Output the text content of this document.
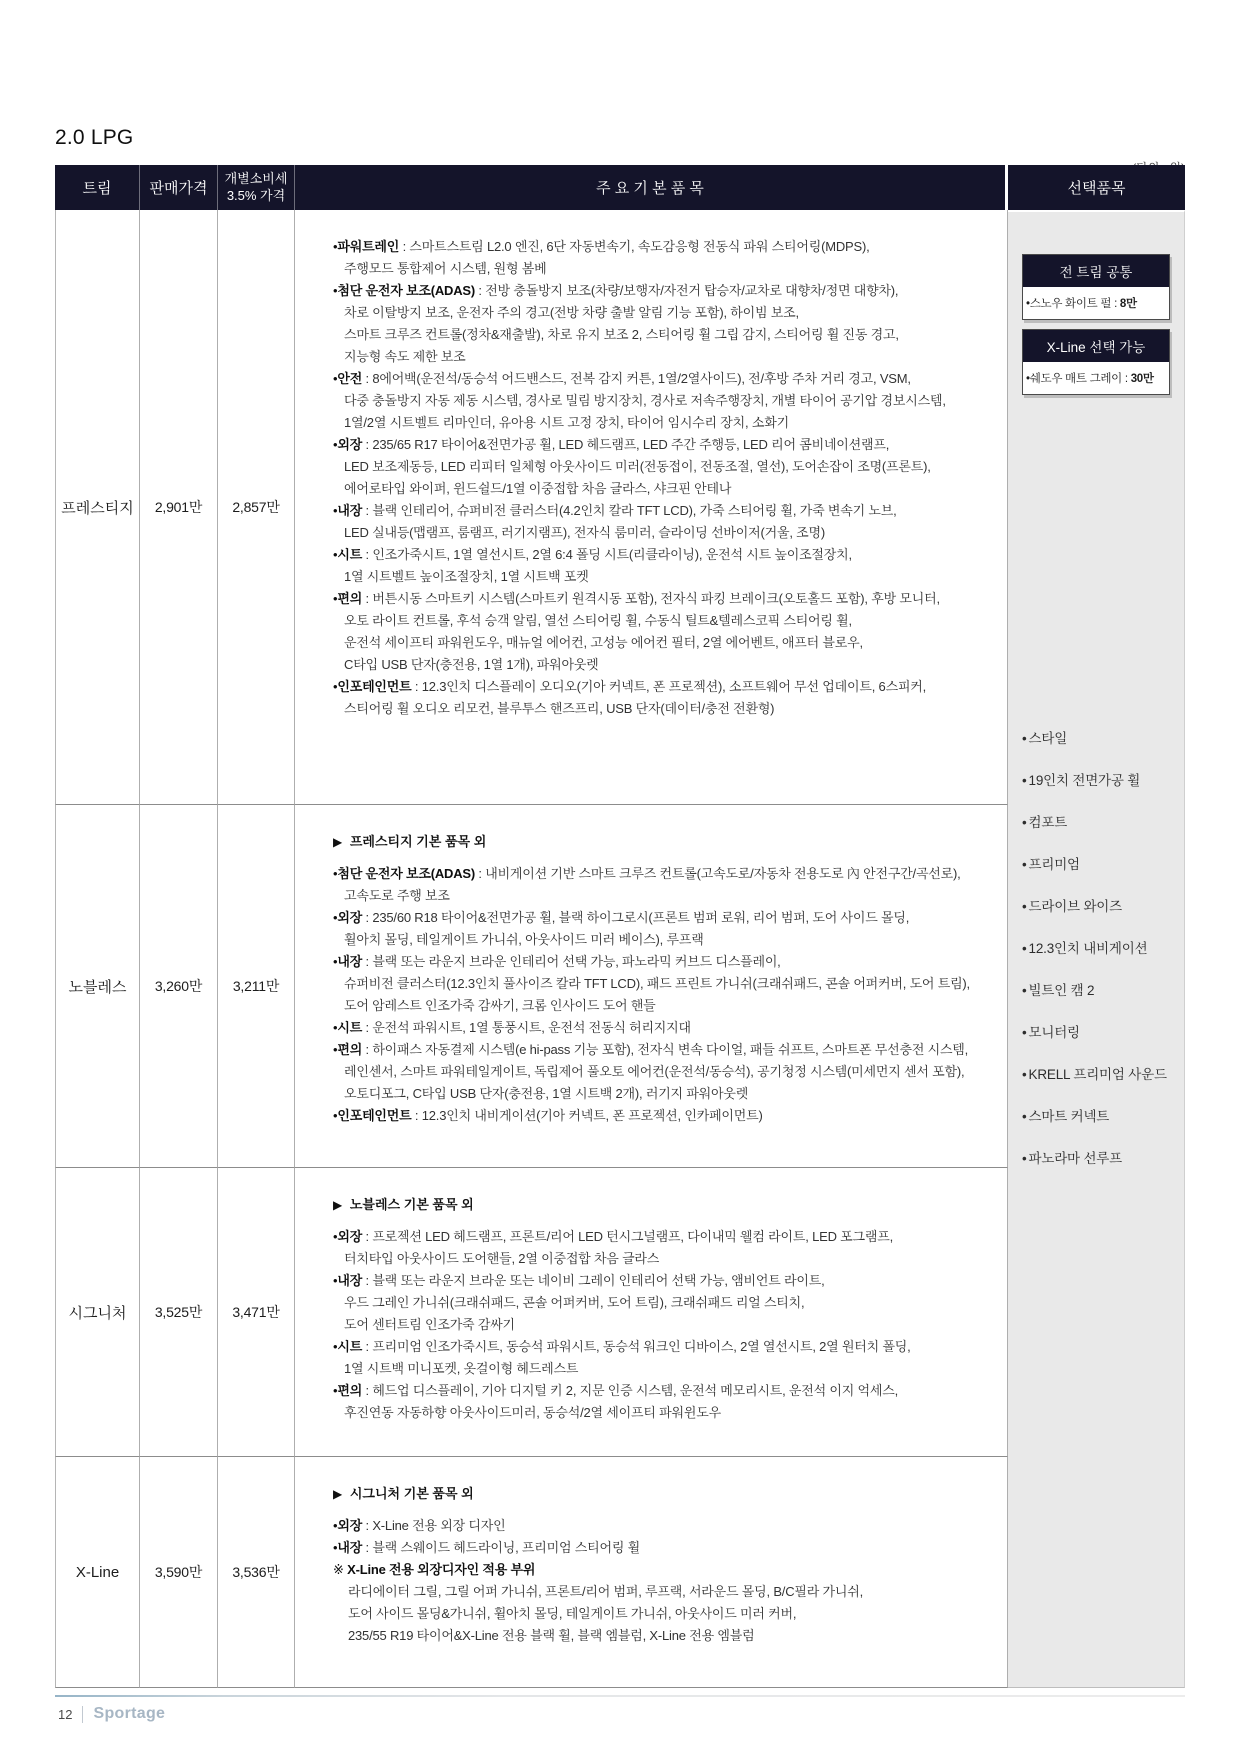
2.0 LPG
트림	판매가격
개별소비세
3.5% 가격	주 요 기 본 품 목	선택품목
전 트림 공통
•스노우 화이트 펄 : 8만
X-Line 선택 가능
•쉐도우 매트 그레이 : 30만
• 스타일
• 19인치 전면가공 휠
• 컴포트
• 프리미엄
• 드라이브 와이즈
• 12.3인치 내비게이션
• 빌트인 캠 2
• 모니터링
• KRELL 프리미엄 사운드
• 스마트 커넥트
• 파노라마 선루프
프레스티지	2,901만	2,857만
•파워트레인 : 스마트스트림 L2.0 엔진, 6단 자동변속기, 속도감응형 전동식 파워 스티어링(MDPS),
주행모드 통합제어 시스템, 원형 봄베
•첨단 운전자 보조(ADAS) : 전방 충돌방지 보조(차량/보행자/자전거 탑승자/교차로 대향차/정면 대향차),
차로 이탈방지 보조, 운전자 주의 경고(전방 차량 출발 알림 기능 포함), 하이빔 보조,
스마트 크루즈 컨트롤(정차&재출발), 차로 유지 보조 2, 스티어링 휠 그립 감지, 스티어링 휠 진동 경고,
지능형 속도 제한 보조
•안전 : 8에어백(운전석/동승석 어드밴스드, 전복 감지 커튼, 1열/2열사이드), 전/후방 주차 거리 경고, VSM,
다중 충돌방지 자동 제동 시스템, 경사로 밀림 방지장치, 경사로 저속주행장치, 개별 타이어 공기압 경보시스템,
1열/2열 시트벨트 리마인더, 유아용 시트 고정 장치, 타이어 임시수리 장치, 소화기
•외장 : 235/65 R17 타이어&전면가공 휠, LED 헤드램프, LED 주간 주행등, LED 리어 콤비네이션램프,
LED 보조제동등, LED 리피터 일체형 아웃사이드 미러(전동접이, 전동조절, 열선), 도어손잡이 조명(프론트),
에어로타입 와이퍼, 윈드쉴드/1열 이중접합 차음 글라스, 샤크핀 안테나
•내장 : 블랙 인테리어, 슈퍼비전 클러스터(4.2인치 칼라 TFT LCD), 가죽 스티어링 휠, 가죽 변속기 노브,
LED 실내등(맵램프, 룸램프, 러기지램프), 전자식 룸미러, 슬라이딩 선바이저(거울, 조명)
•시트 : 인조가죽시트, 1열 열선시트, 2열 6:4 폴딩 시트(리클라이닝), 운전석 시트 높이조절장치,
1열 시트벨트 높이조절장치, 1열 시트백 포켓
•편의 : 버튼시동 스마트키 시스템(스마트키 원격시동 포함), 전자식 파킹 브레이크(오토홀드 포함), 후방 모니터,
오토 라이트 컨트롤, 후석 승객 알림, 열선 스티어링 휠, 수동식 틸트&텔레스코픽 스티어링 휠,
운전석 세이프티 파워윈도우, 매뉴얼 에어컨, 고성능 에어컨 필터, 2열 에어벤트, 애프터 블로우,
C타입 USB 단자(충전용, 1열 1개), 파워아웃렛
•인포테인먼트 : 12.3인치 디스플레이 오디오(기아 커넥트, 폰 프로젝션), 소프트웨어 무선 업데이트, 6스피커,
스티어링 휠 오디오 리모컨, 블루투스 핸즈프리, USB 단자(데이터/충전 전환형)
노블레스	3,260만	3,211만
▶ 프레스티지 기본 품목 외
•첨단 운전자 보조(ADAS) : 내비게이션 기반 스마트 크루즈 컨트롤(고속도로/자동차 전용도로 內 안전구간/곡선로),
고속도로 주행 보조
•외장 : 235/60 R18 타이어&전면가공 휠, 블랙 하이그로시(프론트 범퍼 로워, 리어 범퍼, 도어 사이드 몰딩,
휠아치 몰딩, 테일게이트 가니쉬, 아웃사이드 미러 베이스), 루프랙
•내장 : 블랙 또는 라운지 브라운 인테리어 선택 가능, 파노라믹 커브드 디스플레이,
슈퍼비전 클러스터(12.3인치 풀사이즈 칼라 TFT LCD), 패드 프린트 가니쉬(크래쉬패드, 콘솔 어퍼커버, 도어 트림),
도어 암레스트 인조가죽 감싸기, 크롬 인사이드 도어 핸들
•시트 : 운전석 파워시트, 1열 통풍시트, 운전석 전동식 허리지지대
•편의 : 하이패스 자동결제 시스템(e hi-pass 기능 포함), 전자식 변속 다이얼, 패들 쉬프트, 스마트폰 무선충전 시스템,
레인센서, 스마트 파워테일게이트, 독립제어 풀오토 에어컨(운전석/동승석), 공기청정 시스템(미세먼지 센서 포함),
오토디포그, C타입 USB 단자(충전용, 1열 시트백 2개), 러기지 파워아웃렛
•인포테인먼트 : 12.3인치 내비게이션(기아 커넥트, 폰 프로젝션, 인카페이먼트)
시그니처	3,525만	3,471만
▶ 노블레스 기본 품목 외
•외장 : 프로젝션 LED 헤드램프, 프론트/리어 LED 턴시그널램프, 다이내믹 웰컴 라이트, LED 포그램프,
터치타입 아웃사이드 도어핸들, 2열 이중접합 차음 글라스
•내장 : 블랙 또는 라운지 브라운 또는 네이비 그레이 인테리어 선택 가능, 앰비언트 라이트,
우드 그레인 가니쉬(크래쉬패드, 콘솔 어퍼커버, 도어 트림), 크래쉬패드 리얼 스티치,
도어 센터트림 인조가죽 감싸기
•시트 : 프리미엄 인조가죽시트, 동승석 파워시트, 동승석 워크인 디바이스, 2열 열선시트, 2열 원터치 폴딩,
1열 시트백 미니포켓, 옷걸이형 헤드레스트
•편의 : 헤드업 디스플레이, 기아 디지털 키 2, 지문 인증 시스템, 운전석 메모리시트, 운전석 이지 억세스,
후진연동 자동하향 아웃사이드미러, 동승석/2열 세이프티 파워윈도우
X-Line	3,590만	3,536만
▶ 시그니처 기본 품목 외
•외장 : X-Line 전용 외장 디자인
•내장 : 블랙 스웨이드 헤드라이닝, 프리미엄 스티어링 휠
※ X-Line 전용 외장디자인 적용 부위
라디에이터 그릴, 그릴 어퍼 가니쉬, 프론트/리어 범퍼, 루프랙, 서라운드 몰딩, B/C필라 가니쉬,
도어 사이드 몰딩&가니쉬, 휠아치 몰딩, 테일게이트 가니쉬, 아웃사이드 미러 커버,
235/55 R19 타이어&X-Line 전용 블랙 휠, 블랙 엠블럼, X-Line 전용 엠블럼
12 Sportage
